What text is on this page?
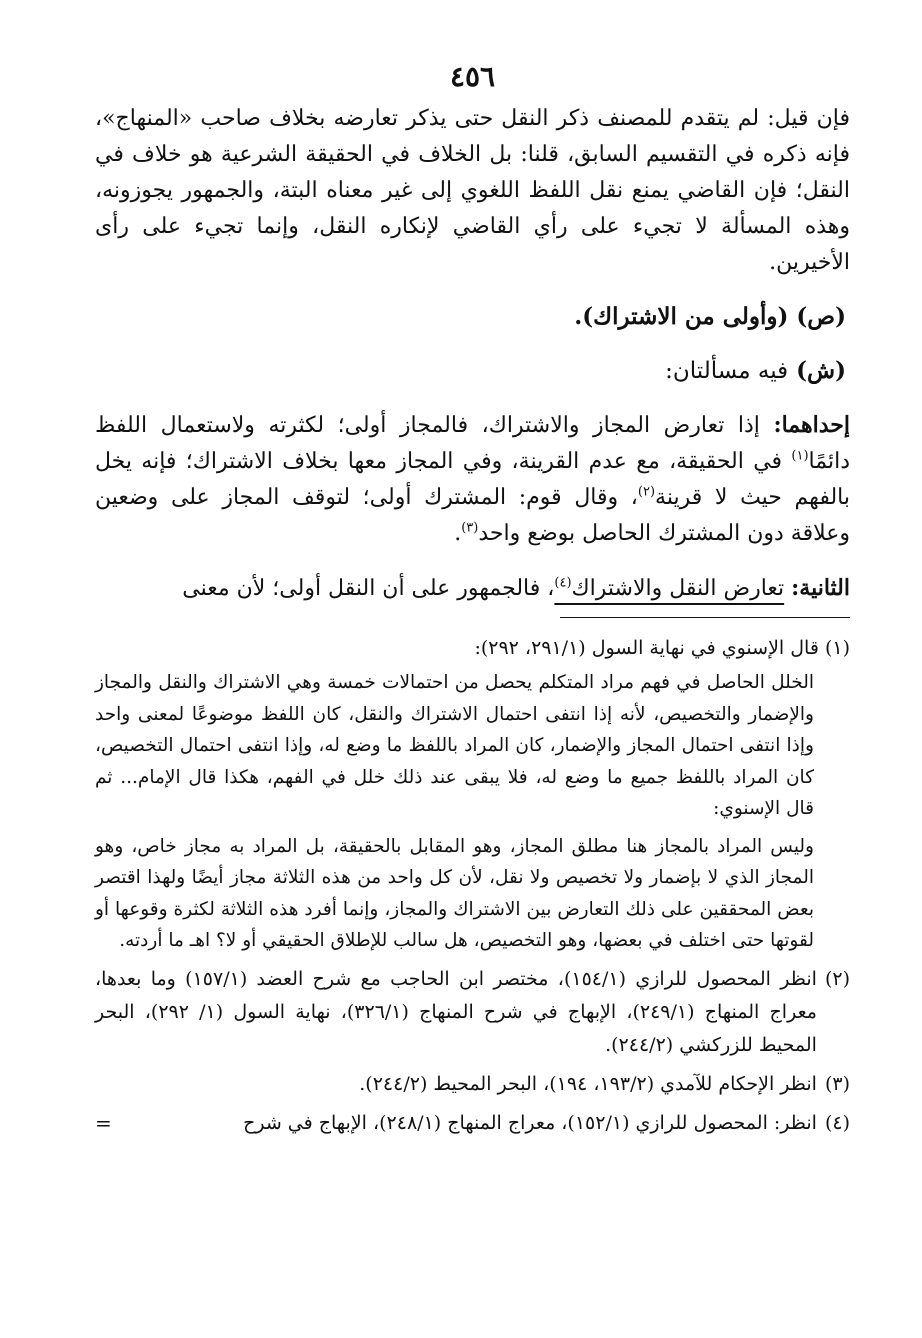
٤٥٦

فإن قيل: لم يتقدم للمصنف ذكر النقل حتى يذكر تعارضه بخلاف صاحب «المنهاج»، فإنه ذكره في التقسيم السابق، قلنا: بل الخلاف في الحقيقة الشرعية هو خلاف في النقل؛ فإن القاضي يمنع نقل اللفظ اللغوي إلى غير معناه البتة، والجمهور يجوزونه، وهذه المسألة لا تجيء على رأي القاضي لإنكاره النقل، وإنما تجيء على رأى الأخيرين.

(ص) (وأولى من الاشتراك).
(ش) فيه مسألتان:

إحداهما: إذا تعارض المجاز والاشتراك، فالمجاز أولى؛ لكثرته ولاستعمال اللفظ دائمًا$^{(١)}$ في الحقيقة، مع عدم القرينة، وفي المجاز معها بخلاف الاشتراك؛ فإنه يخل بالفهم حيث لا قرينة$^{(٢)}$، وقال قوم: المشترك أولى؛ لتوقف المجاز على وضعين وعلاقة دون المشترك الحاصل بوضع واحد$^{(٣)}$.

الثانية: تعارض النقل والاشتراك$^{(٤)}$، فالجمهور على أن النقل أولى؛ لأن معنى

(١) قال الإسنوي في نهاية السول (٢٩١/١، ٢٩٢):
الخلل الحاصل في فهم مراد المتكلم يحصل من احتمالات خمسة وهي الاشتراك والنقل والمجاز والإضمار والتخصيص، لأنه إذا انتفى احتمال الاشتراك والنقل، كان اللفظ موضوعًا لمعنى واحد وإذا انتفى احتمال المجاز والإضمار، كان المراد باللفظ ما وضع له، وإذا انتفى احتمال التخصيص، كان المراد باللفظ جميع ما وضع له، فلا يبقى عند ذلك خلل في الفهم، هكذا قال الإمام... ثم قال الإسنوي:
وليس المراد بالمجاز هنا مطلق المجاز، وهو المقابل بالحقيقة، بل المراد به مجاز خاص، وهو المجاز الذي لا بإضمار ولا تخصيص ولا نقل، لأن كل واحد من هذه الثلاثة مجاز أيضًا ولهذا اقتصر بعض المحققين على ذلك التعارض بين الاشتراك والمجاز، وإنما أفرد هذه الثلاثة لكثرة وقوعها أو لقوتها حتى اختلف في بعضها، وهو التخصيص، هل سالب للإطلاق الحقيقي أو لا؟ اهـ ما أردته.
(٢)
انظر المحصول للرازي (١٥٤/١)، مختصر ابن الحاجب مع شرح العضد (١٥٧/١) وما بعدها، معراج المنهاج (٢٤٩/١)، الإبهاج في شرح المنهاج (٣٢٦/١)، نهاية السول (١/ ٢٩٢)، البحر المحيط للزركشي (٢٤٤/٢).
(٣)
انظر الإحكام للآمدي (١٩٣/٢، ١٩٤)، البحر المحيط (٢٤٤/٢).
(٤)
انظر: المحصول للرازي (١٥٢/١)، معراج المنهاج (٢٤٨/١)، الإبهاج في شرح
=
